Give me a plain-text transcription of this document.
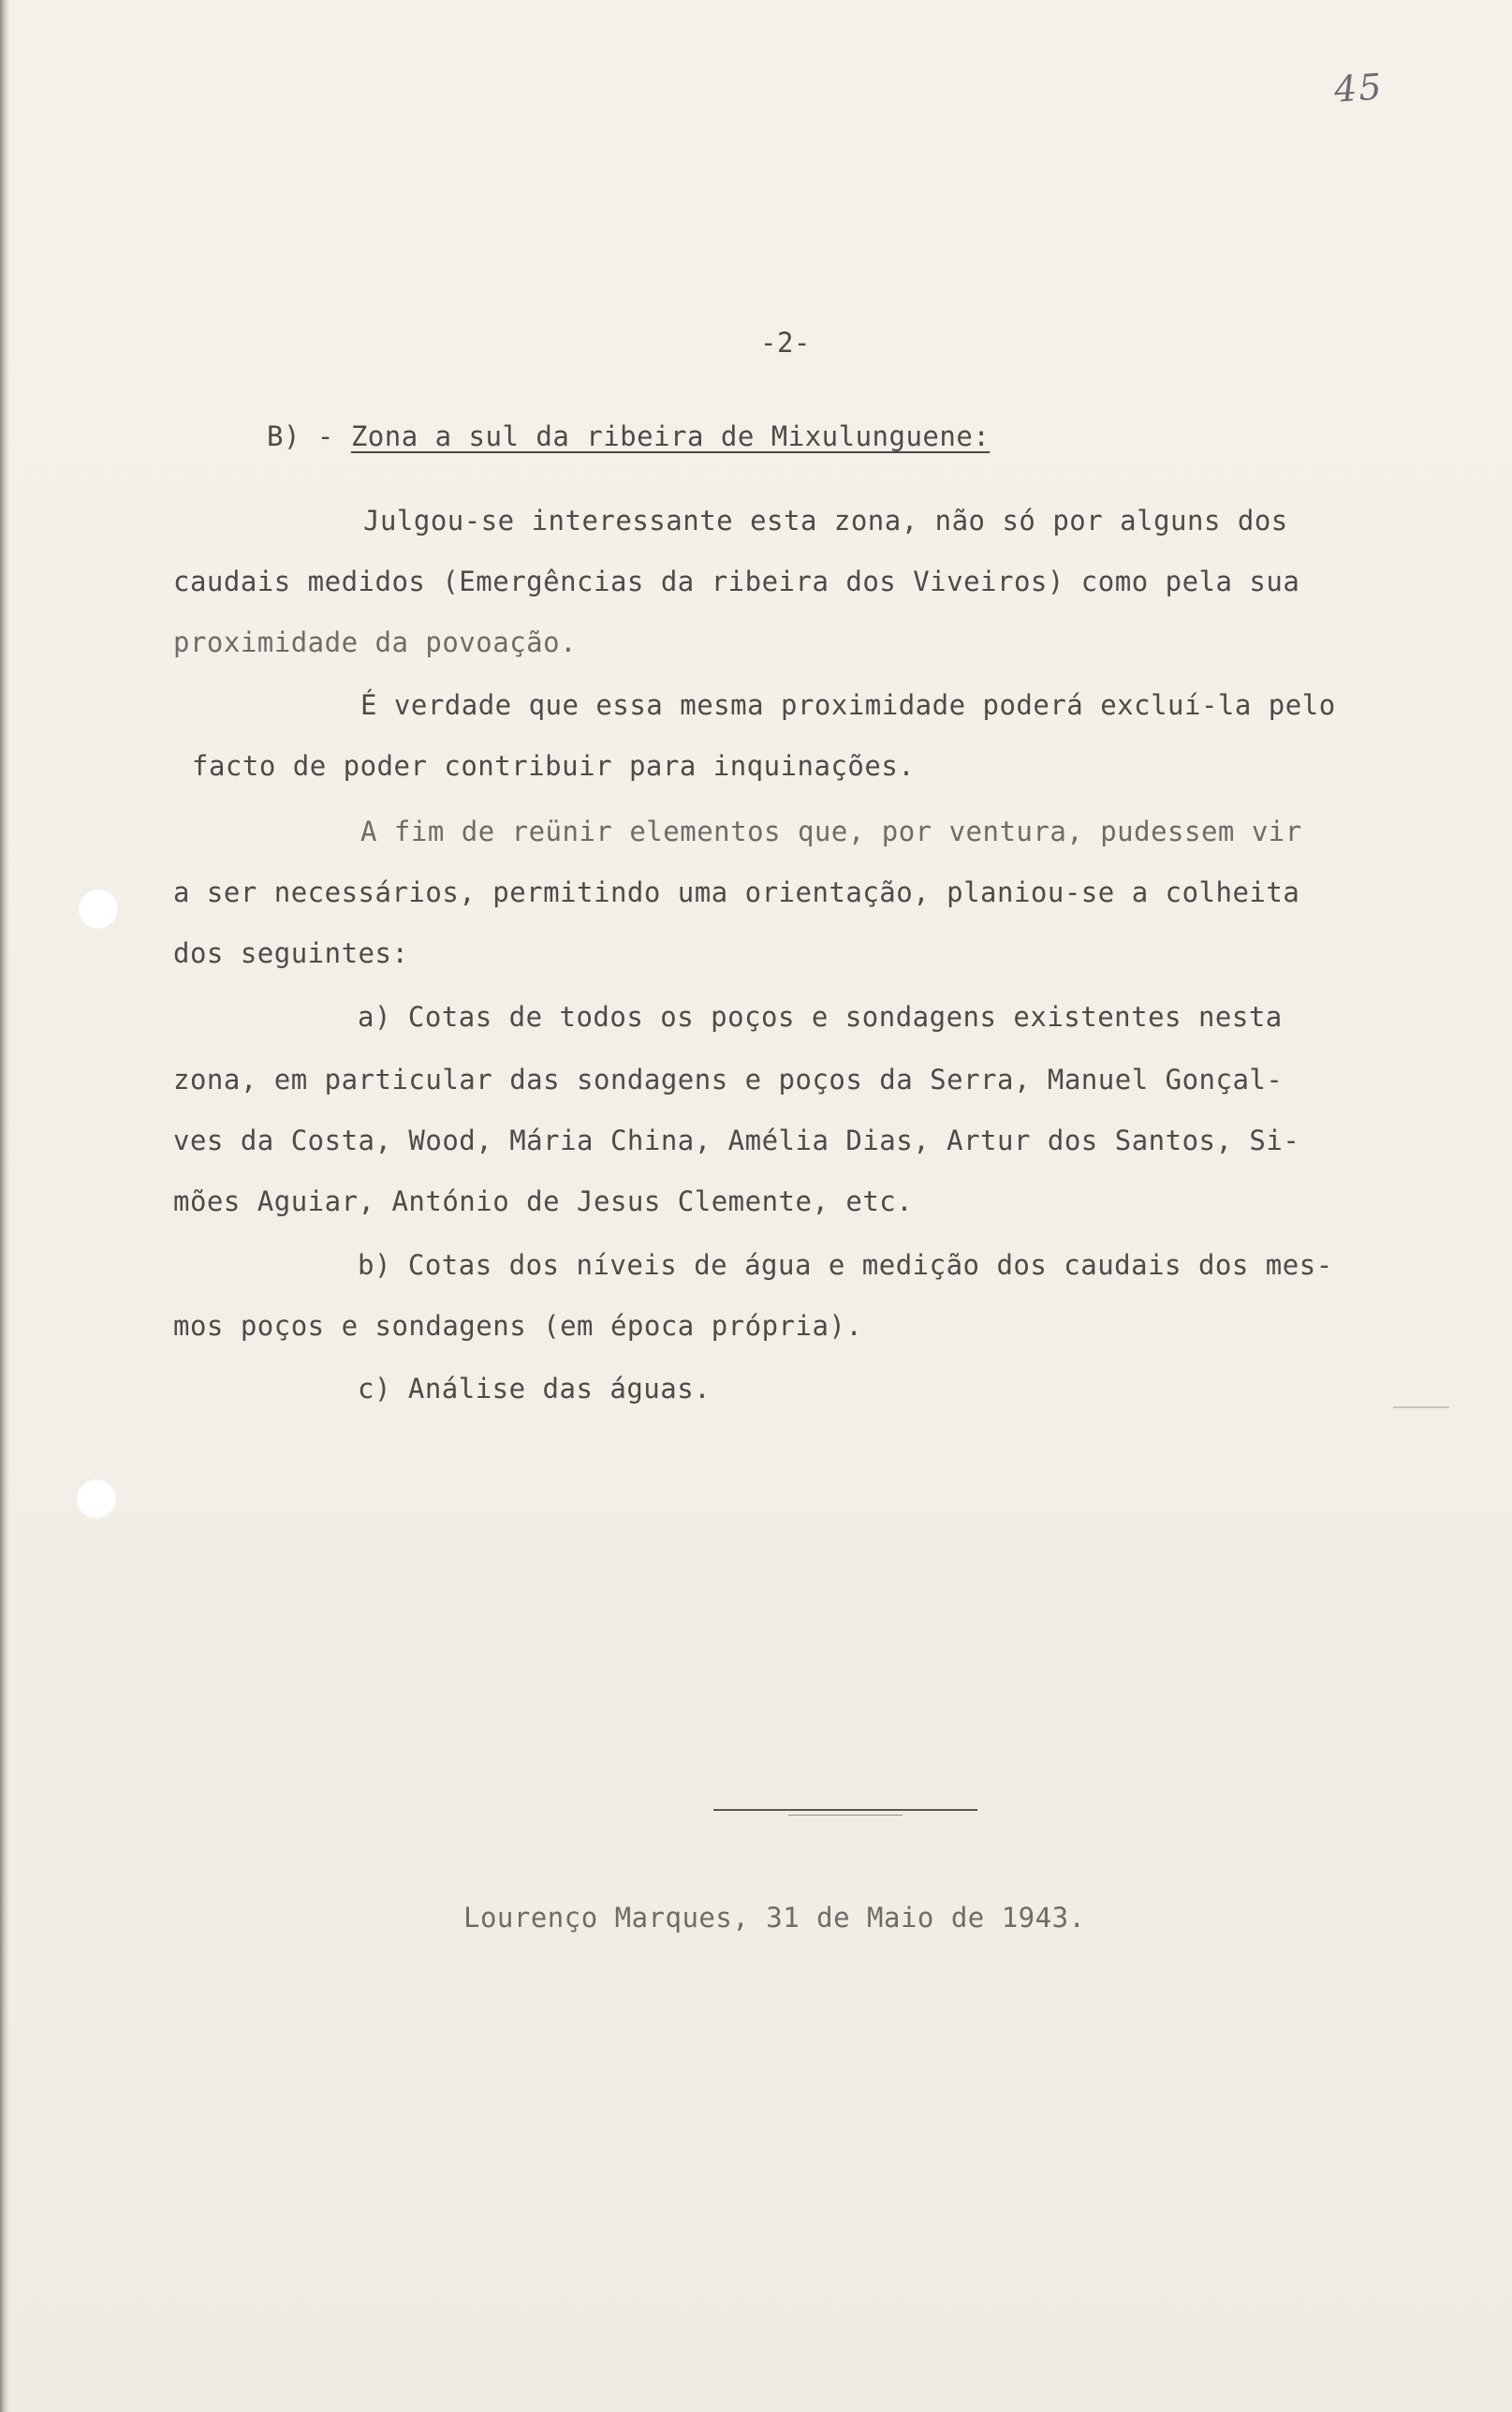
45
-2-
B) - Zona a sul da ribeira de Mixulunguene:
Julgou-se interessante esta zona, não só por alguns dos
caudais medidos (Emergências da ribeira dos Viveiros) como pela sua
proximidade da povoação.
É verdade que essa mesma proximidade poderá excluí-la pelo
facto de poder contribuir para inquinações.
A fim de reünir elementos que, por ventura, pudessem vir
a ser necessários, permitindo uma orientação, planiou-se a colheita
dos seguintes:
a) Cotas de todos os poços e sondagens existentes nesta
zona, em particular das sondagens e poços da Serra, Manuel Gonçal-
ves da Costa, Wood, Mária China, Amélia Dias, Artur dos Santos, Si-
mões Aguiar, António de Jesus Clemente, etc.
b) Cotas dos níveis de água e medição dos caudais dos mes-
mos poços e sondagens (em época própria).
c) Análise das águas.
Lourenço Marques, 31 de Maio de 1943.
